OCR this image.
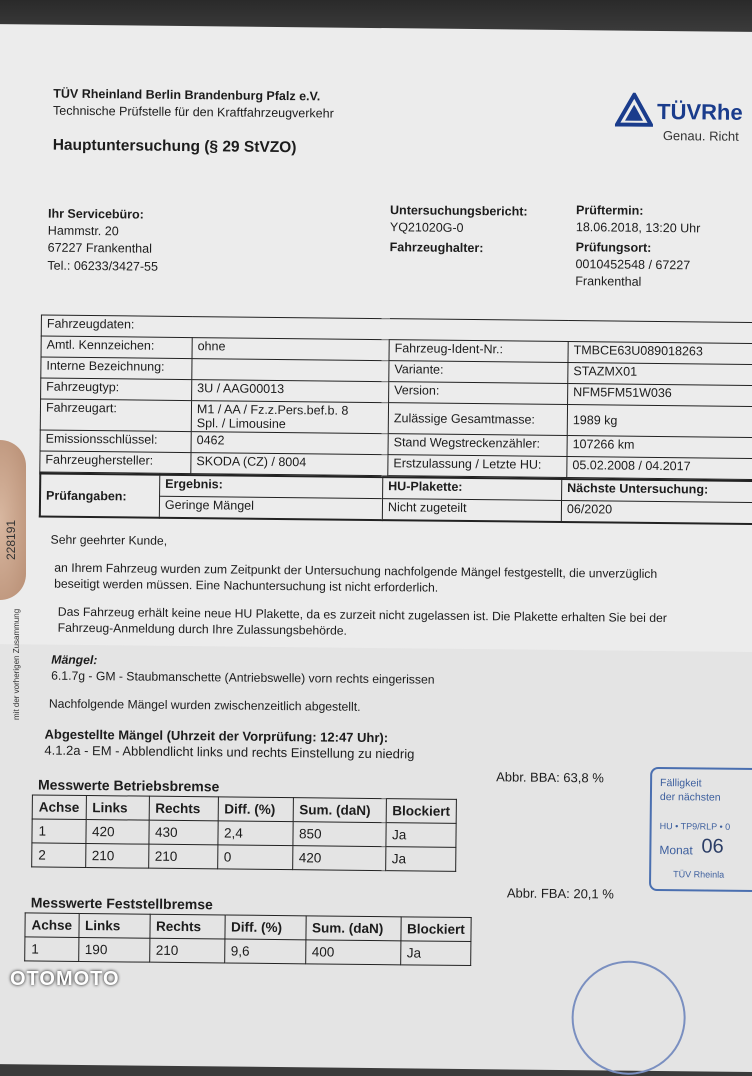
TÜV Rheinland Berlin Brandenburg Pfalz e.V.
Technische Prüfstelle für den Kraftfahrzeugverkehr
Hauptuntersuchung (§ 29 StVZO)
TÜVRhe
Genau. Richt
Ihr Servicebüro:
Hammstr. 20
67227 Frankenthal
Tel.: 06233/3427-55
Untersuchungsbericht:
YQ21020G-0
Fahrzeughalter:
Prüftermin:
18.06.2018, 13:20 Uhr
Prüfungsort:
0010452548 / 67227
Frankenthal
Fahrzeugdaten:			
Amtl. Kennzeichen:	ohne	Fahrzeug-Ident-Nr.:	TMBCE63U089018263
Interne Bezeichnung:		Variante:	STAZMX01
Fahrzeugtyp:	3U / AAG00013	Version:	NFM5FM51W036
Fahrzeugart:	M1 / AA / Fz.z.Pers.bef.b. 8
Spl. / Limousine	Zulässige Gesamtmasse:	1989 kg
Emissionsschlüssel:	0462	Stand Wegstreckenzähler:	107266 km
Fahrzeughersteller:	SKODA (CZ) / 8004	Erstzulassung / Letzte HU:	05.02.2008 / 04.2017
Prüfangaben:	Ergebnis:	HU-Plakette:	Nächste Untersuchung:
	Geringe Mängel	Nicht zugeteilt	06/2020
Sehr geehrter Kunde,
an Ihrem Fahrzeug wurden zum Zeitpunkt der Untersuchung nachfolgende Mängel festgestellt, die unverzüglich
beseitigt werden müssen. Eine Nachuntersuchung ist nicht erforderlich.
Das Fahrzeug erhält keine neue HU Plakette, da es zurzeit nicht zugelassen ist. Die Plakette erhalten Sie bei der
Fahrzeug-Anmeldung durch Ihre Zulassungsbehörde.
Mängel:
6.1.7g - GM - Staubmanschette (Antriebswelle) vorn rechts eingerissen
Nachfolgende Mängel wurden zwischenzeitlich abgestellt.
Abgestellte Mängel (Uhrzeit der Vorprüfung: 12:47 Uhr):
4.1.2a - EM - Abblendlicht links und rechts Einstellung zu niedrig
Messwerte Betriebsbremse
Achse	Links	Rechts	Diff. (%)	Sum. (daN)	Blockiert
1	420	430	2,4	850	Ja
2	210	210	0	420	Ja
Abbr. BBA: 63,8 %
Messwerte Feststellbremse
Achse	Links	Rechts	Diff. (%)	Sum. (daN)	Blockiert
1	190	210	9,6	400	Ja
Abbr. FBA: 20,1 %
Fälligkeit
der nächsten
HU • TP9/RLP • 0
Monat 06
TÜV Rheinla
228191
mit der vorherigen Zusammung
OTOMOTO
